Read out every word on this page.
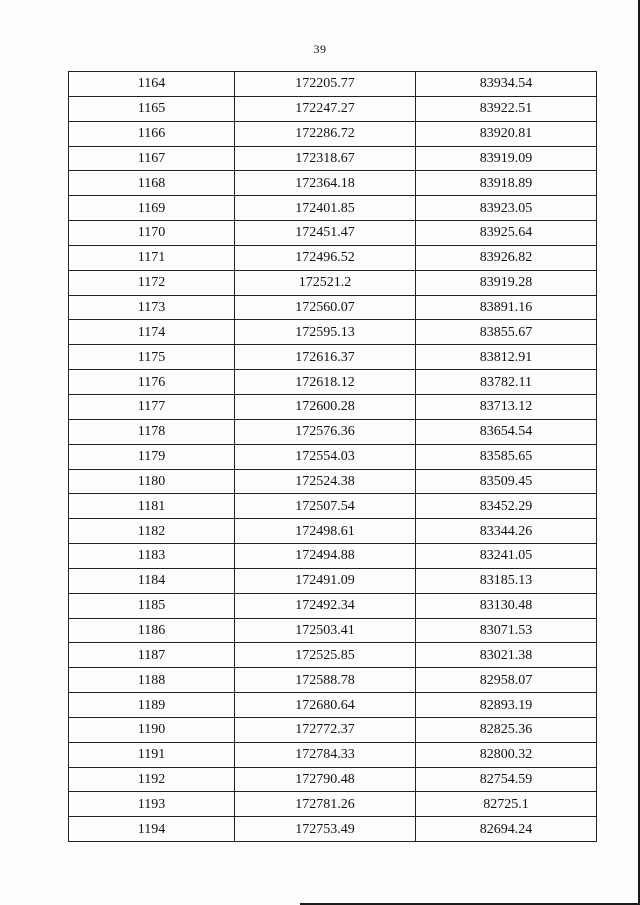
39
1164	172205.77	83934.54
1165	172247.27	83922.51
1166	172286.72	83920.81
1167	172318.67	83919.09
1168	172364.18	83918.89
1169	172401.85	83923.05
1170	172451.47	83925.64
1171	172496.52	83926.82
1172	172521.2	83919.28
1173	172560.07	83891.16
1174	172595.13	83855.67
1175	172616.37	83812.91
1176	172618.12	83782.11
1177	172600.28	83713.12
1178	172576.36	83654.54
1179	172554.03	83585.65
1180	172524.38	83509.45
1181	172507.54	83452.29
1182	172498.61	83344.26
1183	172494.88	83241.05
1184	172491.09	83185.13
1185	172492.34	83130.48
1186	172503.41	83071.53
1187	172525.85	83021.38
1188	172588.78	82958.07
1189	172680.64	82893.19
1190	172772.37	82825.36
1191	172784.33	82800.32
1192	172790.48	82754.59
1193	172781.26	82725.1
1194	172753.49	82694.24
